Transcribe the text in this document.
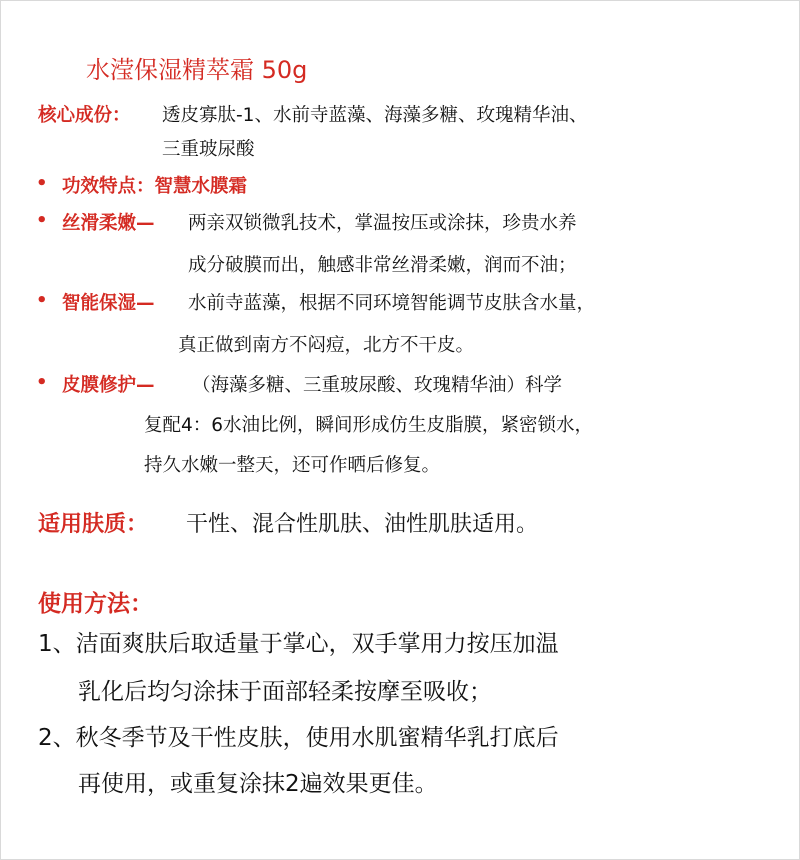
水滢保湿精萃霜 50g
核心成份： 透皮寡肽-1、水前寺蓝藻、海藻多糖、玫瑰精华油、
三重玻尿酸
• 功效特点：智慧水膜霜
• 丝滑柔嫩— 两亲双锁微乳技术，掌温按压或涂抹，珍贵水养
成分破膜而出，触感非常丝滑柔嫩，润而不油；
• 智能保湿— 水前寺蓝藻，根据不同环境智能调节皮肤含水量，
真正做到南方不闷痘，北方不干皮。
• 皮膜修护— （海藻多糖、三重玻尿酸、玫瑰精华油）科学
复配4：6水油比例，瞬间形成仿生皮脂膜，紧密锁水，
持久水嫩一整天，还可作晒后修复。
适用肤质： 干性、混合性肌肤、油性肌肤适用。
使用方法：
1、洁面爽肤后取适量于掌心，双手掌用力按压加温
乳化后均匀涂抹于面部轻柔按摩至吸收；
2、秋冬季节及干性皮肤，使用水肌蜜精华乳打底后
再使用，或重复涂抹2遍效果更佳。
